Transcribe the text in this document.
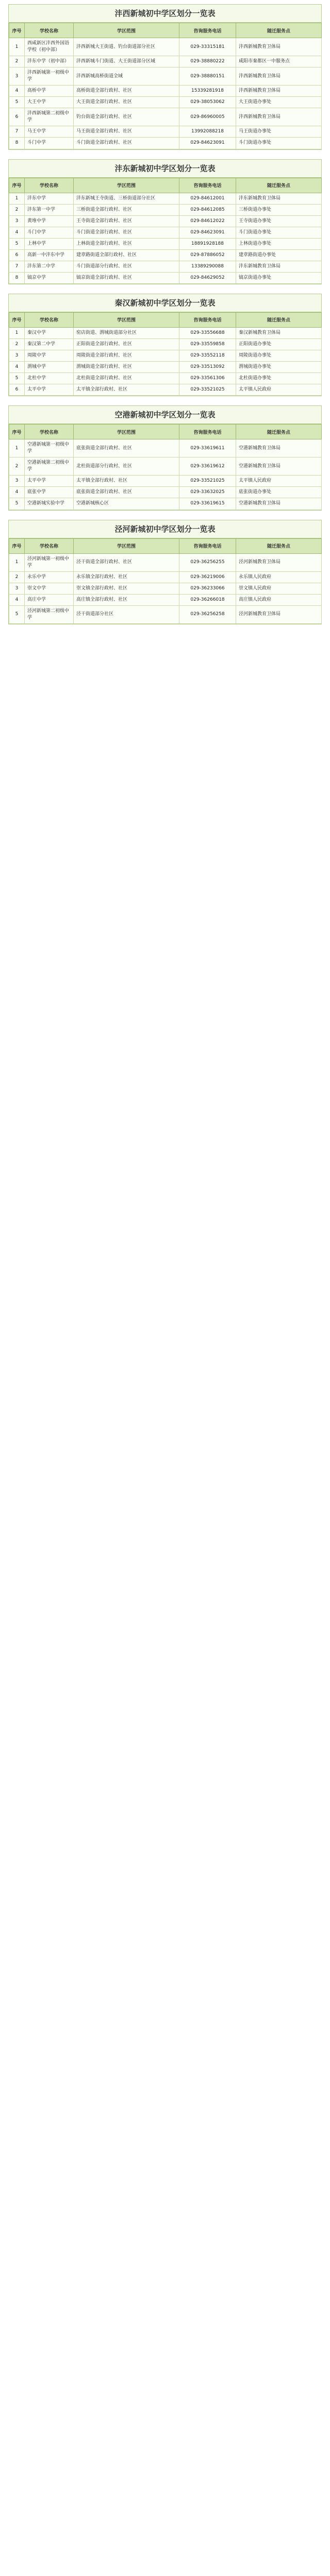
沣西新城初中学区划分一览表
序号	学校名称	学区范围	咨询服务电话	随迁服务点
1	西咸新区沣西外国语学校（初中部）	沣西新城大王街道、钓台街道部分社区	029-33315181	沣西新城教育卫体局
2	沣东中学（初中部）	沣西新城斗门街道、大王街道部分区域	029-38880222	咸阳市秦都区一中服务点
3	沣西新城第一初级中学	沣西新城高桥街道全域	029-38880151	沣西新城教育卫体局
4	高桥中学	高桥街道全部行政村、社区	15339281918	沣西新城教育卫体局
5	大王中学	大王街道全部行政村、社区	029-38053062	大王街道办事处
6	沣西新城第二初级中学	钓台街道全部行政村、社区	029-86960005	沣西新城教育卫体局
7	马王中学	马王街道全部行政村、社区	13992088218	马王街道办事处
8	斗门中学	斗门街道全部行政村、社区	029-84623091	斗门街道办事处
沣东新城初中学区划分一览表
序号	学校名称	学区范围	咨询服务电话	随迁服务点
1	沣东中学	沣东新城王寺街道、三桥街道部分社区	029-84612001	沣东新城教育卫体局
2	沣东第一中学	三桥街道全部行政村、社区	029-84612085	三桥街道办事处
3	黄堆中学	王寺街道全部行政村、社区	029-84612022	王寺街道办事处
4	斗门中学	斗门街道全部行政村、社区	029-84623091	斗门街道办事处
5	上林中学	上林街道全部行政村、社区	18891928188	上林街道办事处
6	高新一中沣东中学	建章路街道全部行政村、社区	029-87886052	建章路街道办事处
7	沣东第二中学	斗门街道部分行政村、社区	13389290088	沣东新城教育卫体局
8	镐京中学	镐京街道全部行政村、社区	029-84629052	镐京街道办事处
秦汉新城初中学区划分一览表
序号	学校名称	学区范围	咨询服务电话	随迁服务点
1	秦汉中学	窑店街道、渭城街道部分社区	029-33556688	秦汉新城教育卫体局
2	秦汉第二中学	正阳街道全部行政村、社区	029-33559858	正阳街道办事处
3	周陵中学	周陵街道全部行政村、社区	029-33552118	周陵街道办事处
4	渭城中学	渭城街道全部行政村、社区	029-33513092	渭城街道办事处
5	北杜中学	北杜街道全部行政村、社区	029-33561306	北杜街道办事处
6	太平中学	太平镇全部行政村、社区	029-33521025	太平镇人民政府
空港新城初中学区划分一览表
序号	学校名称	学区范围	咨询服务电话	随迁服务点
1	空港新城第一初级中学	底张街道全部行政村、社区	029-33619611	空港新城教育卫体局
2	空港新城第二初级中学	北杜街道部分行政村、社区	029-33619612	空港新城教育卫体局
3	太平中学	太平镇全部行政村、社区	029-33521025	太平镇人民政府
4	底张中学	底张街道全部行政村、社区	029-33632025	底张街道办事处
5	空港新城实验中学	空港新城核心区	029-33619615	空港新城教育卫体局
泾河新城初中学区划分一览表
序号	学校名称	学区范围	咨询服务电话	随迁服务点
1	泾河新城第一初级中学	泾干街道全部行政村、社区	029-36256255	泾河新城教育卫体局
2	永乐中学	永乐镇全部行政村、社区	029-36219006	永乐镇人民政府
3	崇文中学	崇文镇全部行政村、社区	029-36233066	崇文镇人民政府
4	高庄中学	高庄镇全部行政村、社区	029-36266018	高庄镇人民政府
5	泾河新城第二初级中学	泾干街道部分社区	029-36256258	泾河新城教育卫体局
